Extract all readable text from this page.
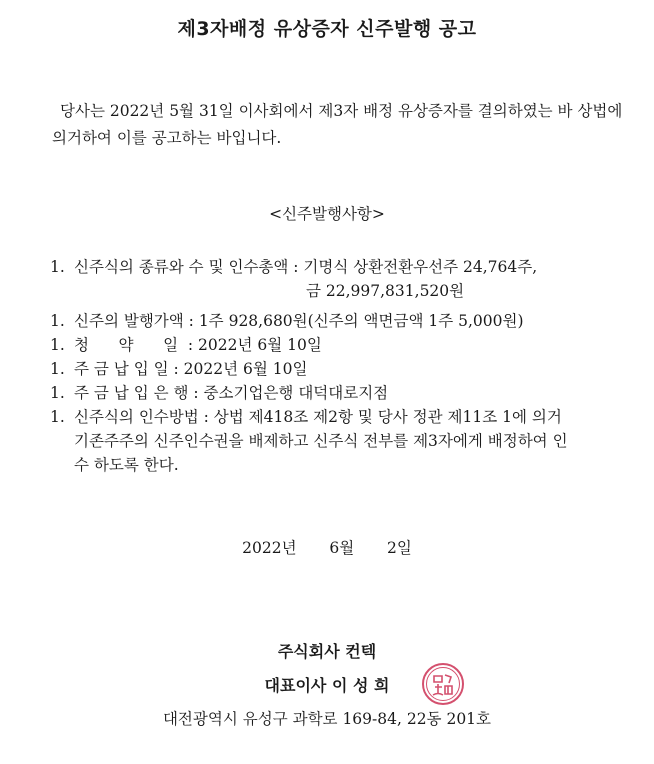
제3자배정 유상증자 신주발행 공고
당사는 2022년 5월 31일 이사회에서 제3자 배정 유상증자를 결의하였는 바 상법에 의거하여 이를 공고하는 바입니다.
<신주발행사항>
1. 신주식의 종류와 수 및 인수총액 : 기명식 상환전환우선주 24,764주,
금 22,997,831,520원
1. 신주의 발행가액 : 1주 928,680원(신주의 액면금액 1주 5,000원)
1. 청      약      일  : 2022년 6월 10일
1. 주 금 납 입 일 : 2022년 6월 10일
1. 주 금 납 입 은 행 : 중소기업은행 대덕대로지점
1. 신주식의 인수방법 : 상법 제418조 제2항 및 당사 정관 제11조 1에 의거
기존주주의 신주인수권을 배제하고 신주식 전부를 제3자에게 배정하여 인
수 하도록 한다.
2022년   6월   2일
주식회사 컨텍
대표이사 이 성 희
대전광역시 유성구 과학로 169-84, 22동 201호
